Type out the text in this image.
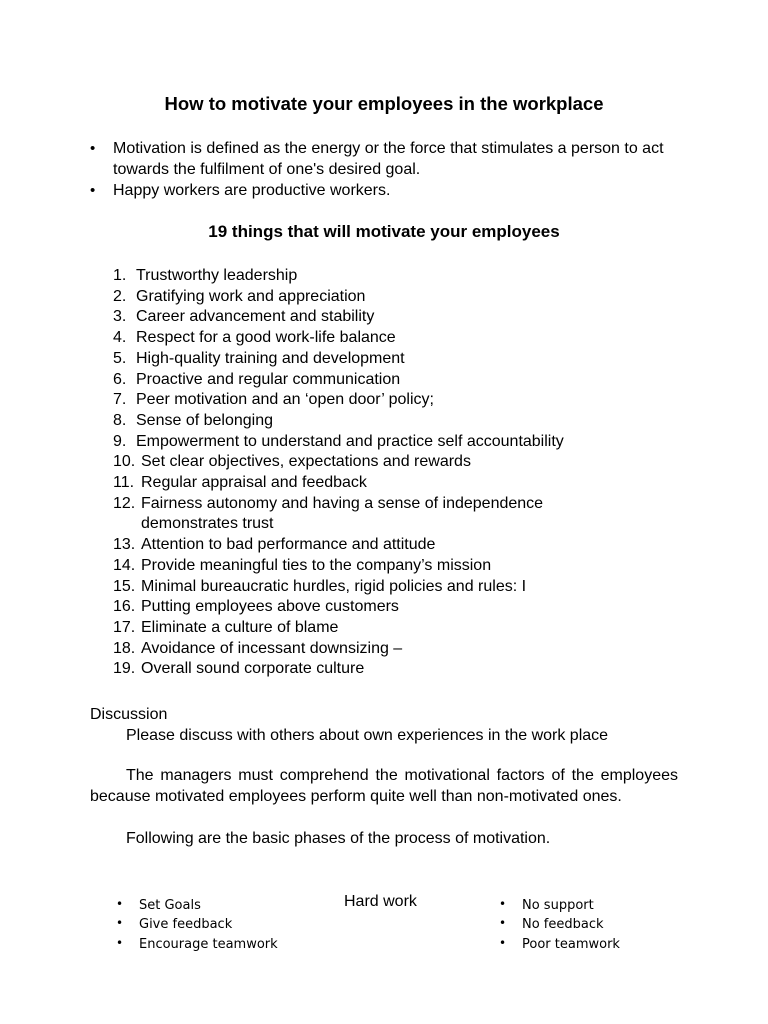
How to motivate your employees in the workplace
• Motivation is defined as the energy or the force that stimulates a person to act towards the fulfilment of one's desired goal.
• Happy workers are productive workers.
19 things that will motivate your employees
1. Trustworthy leadership
2. Gratifying work and appreciation
3. Career advancement and stability
4. Respect for a good work-life balance
5. High-quality training and development
6. Proactive and regular communication
7. Peer motivation and an ‘open door’ policy;
8. Sense of belonging
9. Empowerment to understand and practice self accountability
10. Set clear objectives, expectations and rewards
11. Regular appraisal and feedback
12. Fairness autonomy and having a sense of independence demonstrates trust
13. Attention to bad performance and attitude
14. Provide meaningful ties to the company’s mission
15. Minimal bureaucratic hurdles, rigid policies and rules: I
16. Putting employees above customers
17. Eliminate a culture of blame
18. Avoidance of incessant downsizing –
19. Overall sound corporate culture
Discussion
Please discuss with others about own experiences in the work place
The managers must comprehend the motivational factors of the employees because motivated employees perform quite well than non-motivated ones.
Following are the basic phases of the process of motivation.
• Set Goals
• Give feedback
• Encourage teamwork
Hard work	• No support
• No feedback
• Poor teamwork
